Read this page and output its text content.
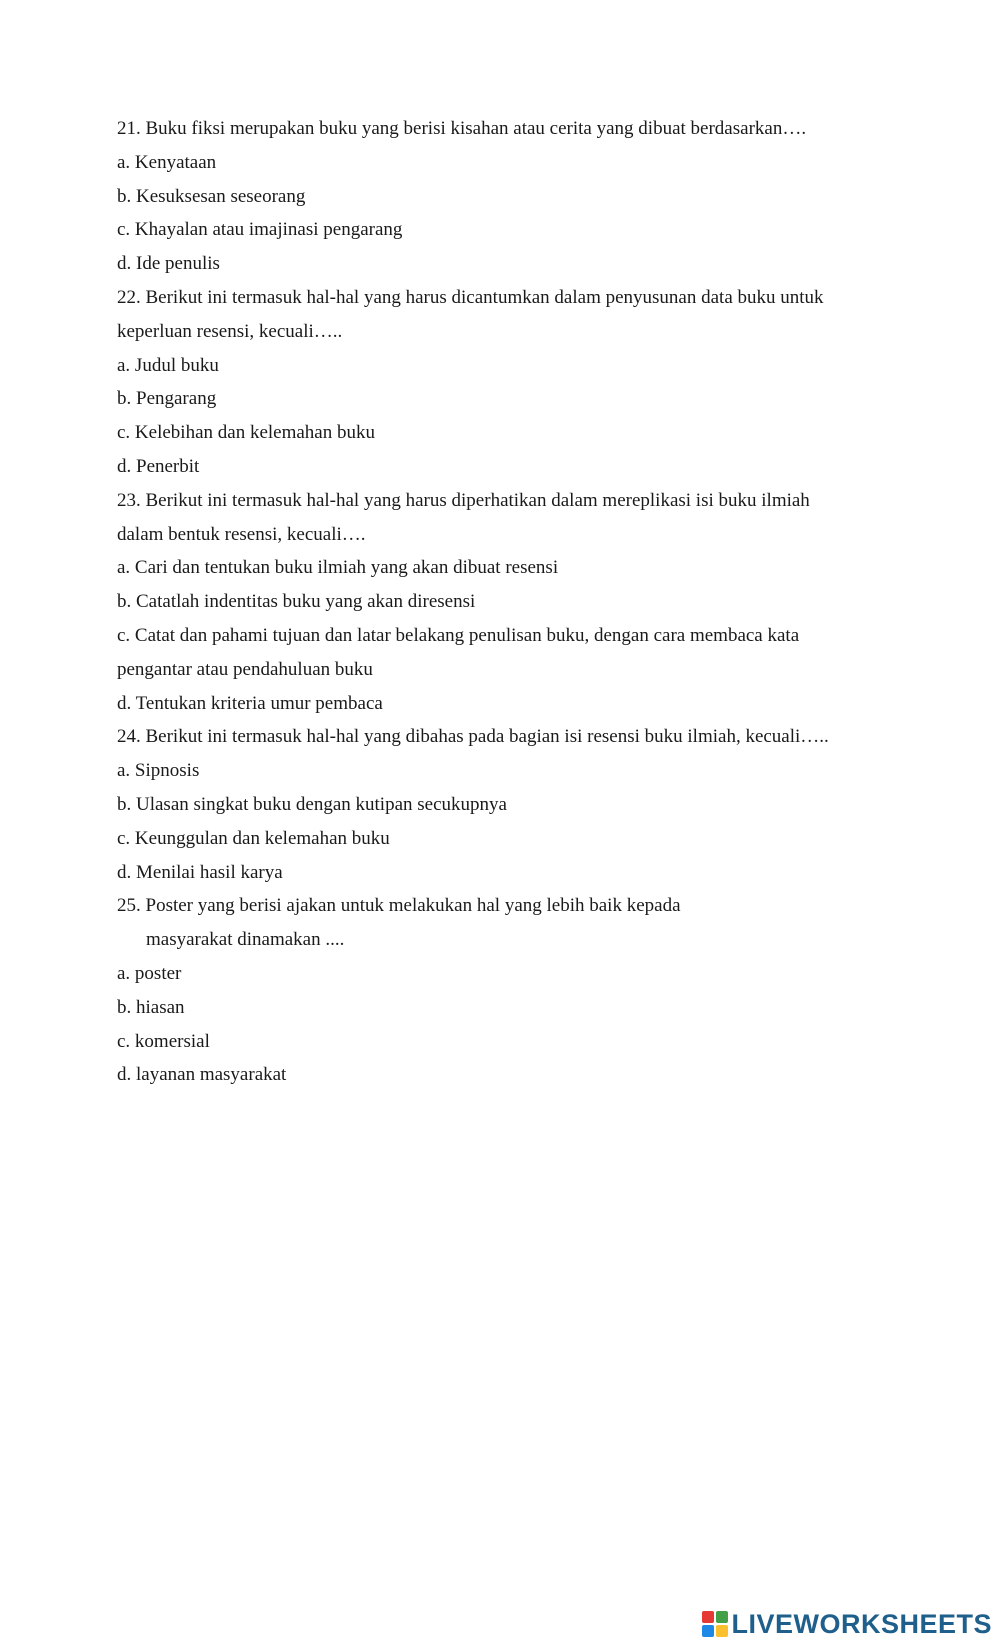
21. Buku fiksi merupakan buku yang berisi kisahan atau cerita yang dibuat berdasarkan….
a. Kenyataan
b. Kesuksesan seseorang
c. Khayalan atau imajinasi pengarang
d. Ide penulis
22. Berikut ini termasuk hal-hal yang harus dicantumkan dalam penyusunan data buku untuk
keperluan resensi, kecuali…..
a. Judul buku
b. Pengarang
c. Kelebihan dan kelemahan buku
d. Penerbit
23. Berikut ini termasuk hal-hal yang harus diperhatikan dalam mereplikasi isi buku ilmiah
dalam bentuk resensi, kecuali….
a. Cari dan tentukan buku ilmiah yang akan dibuat resensi
b. Catatlah indentitas buku yang akan diresensi
c. Catat dan pahami tujuan dan latar belakang penulisan buku, dengan cara membaca kata
pengantar atau pendahuluan buku
d. Tentukan kriteria umur pembaca
24. Berikut ini termasuk hal-hal yang dibahas pada bagian isi resensi buku ilmiah, kecuali…..
a. Sipnosis
b. Ulasan singkat buku dengan kutipan secukupnya
c. Keunggulan dan kelemahan buku
d. Menilai hasil karya
25. Poster yang berisi ajakan untuk melakukan hal yang lebih baik kepada
masyarakat dinamakan ....
a. poster
b. hiasan
c. komersial
d. layanan masyarakat
LIVEWORKSHEETS
